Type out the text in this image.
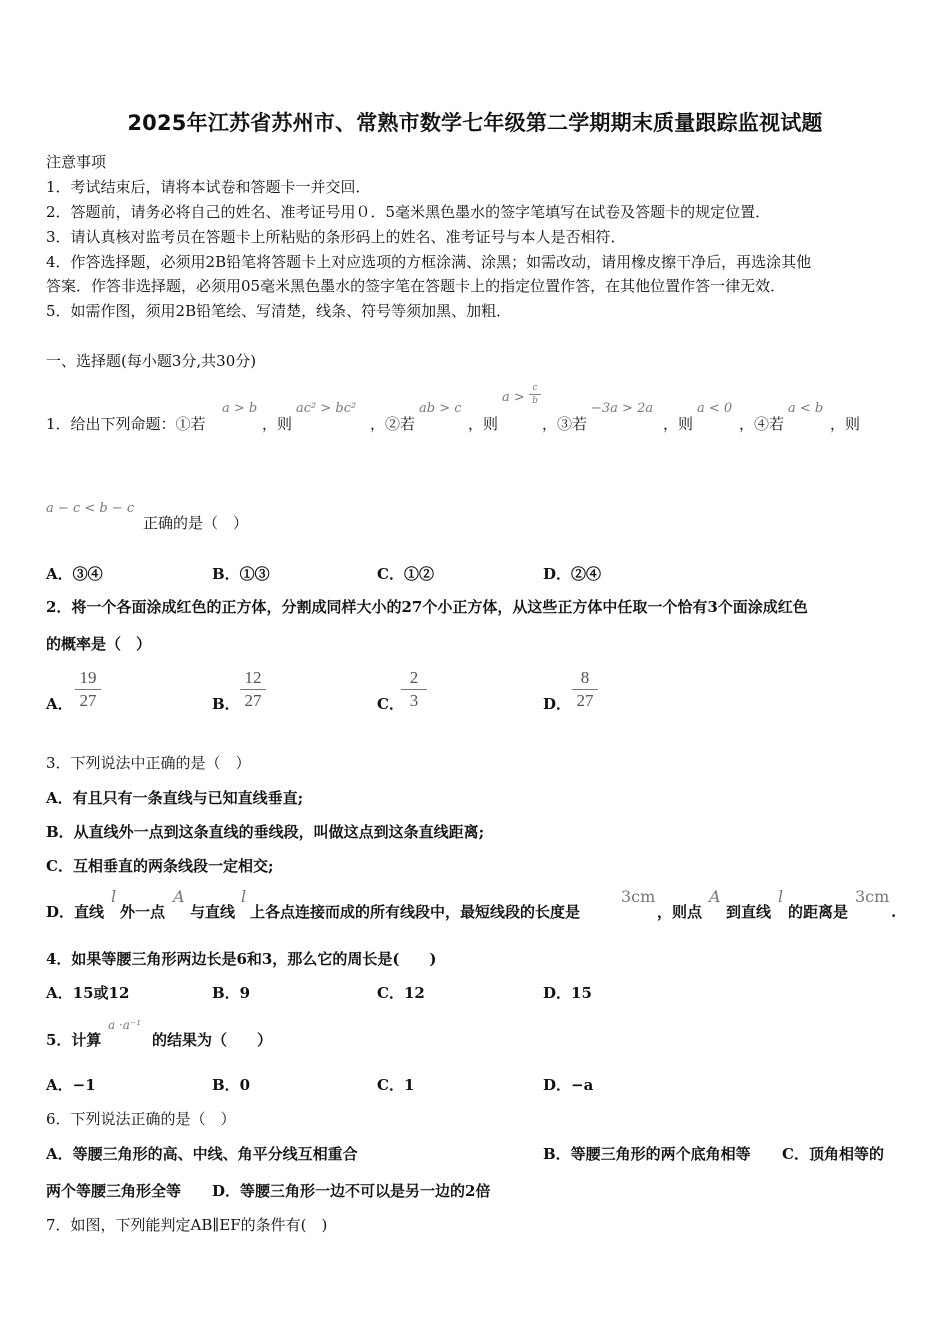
2025年江苏省苏州市、常熟市数学七年级第二学期期末质量跟踪监视试题
注意事项
1．考试结束后，请将本试卷和答题卡一并交回．
2．答题前，请务必将自己的姓名、准考证号用０．5毫米黑色墨水的签字笔填写在试卷及答题卡的规定位置．
3．请认真核对监考员在答题卡上所粘贴的条形码上的姓名、准考证号与本人是否相符．
4．作答选择题，必须用2B铅笔将答题卡上对应选项的方框涂满、涂黑；如需改动，请用橡皮擦干净后，再选涂其他
答案．作答非选择题，必须用05毫米黑色墨水的签字笔在答题卡上的指定位置作答，在其他位置作答一律无效．
5．如需作图，须用2B铅笔绘、写清楚，线条、符号等须加黑、加粗．
一、选择题(每小题3分,共30分)
1．给出下列命题：①若
a > b
，则
ac² > bc²
，②若
ab > c
，则
a >
c
b
，③若
−3a > 2a
，则
a < 0
，④若
a < b
，则
a − c < b − c
正确的是（　）
A．③④	B．①③	C．①②	D．②④
2．将一个各面涂成红色的正方体，分割成同样大小的27个小正方体，从这些正方体中任取一个恰有3个面涂成红色
的概率是（　）
A．
19
27	B．
12
27	C．
2
3	D．
8
27
3．下列说法中正确的是（　）
A．有且只有一条直线与已知直线垂直;
B．从直线外一点到这条直线的垂线段，叫做这点到这条直线距离;
C．互相垂直的两条线段一定相交;
D．直线
l
外一点
A
与直线
l
上各点连接而成的所有线段中，最短线段的长度是
3cm
，则点
A
到直线
l
的距离是
3cm
.
4．如果等腰三角形两边长是6和3，那么它的周长是(　　)
A．15或12	B．9	C．12	D．15
5．计算
a ·a⁻¹
的结果为（　　）
A．−1	B．0	C．1	D．−a
6．下列说法正确的是（　）
A．等腰三角形的高、中线、角平分线互相重合	B．等腰三角形的两个底角相等 C．顶角相等的
两个等腰三角形全等 D．等腰三角形一边不可以是另一边的2倍
7．如图，下列能判定AB∥EF的条件有(　)
